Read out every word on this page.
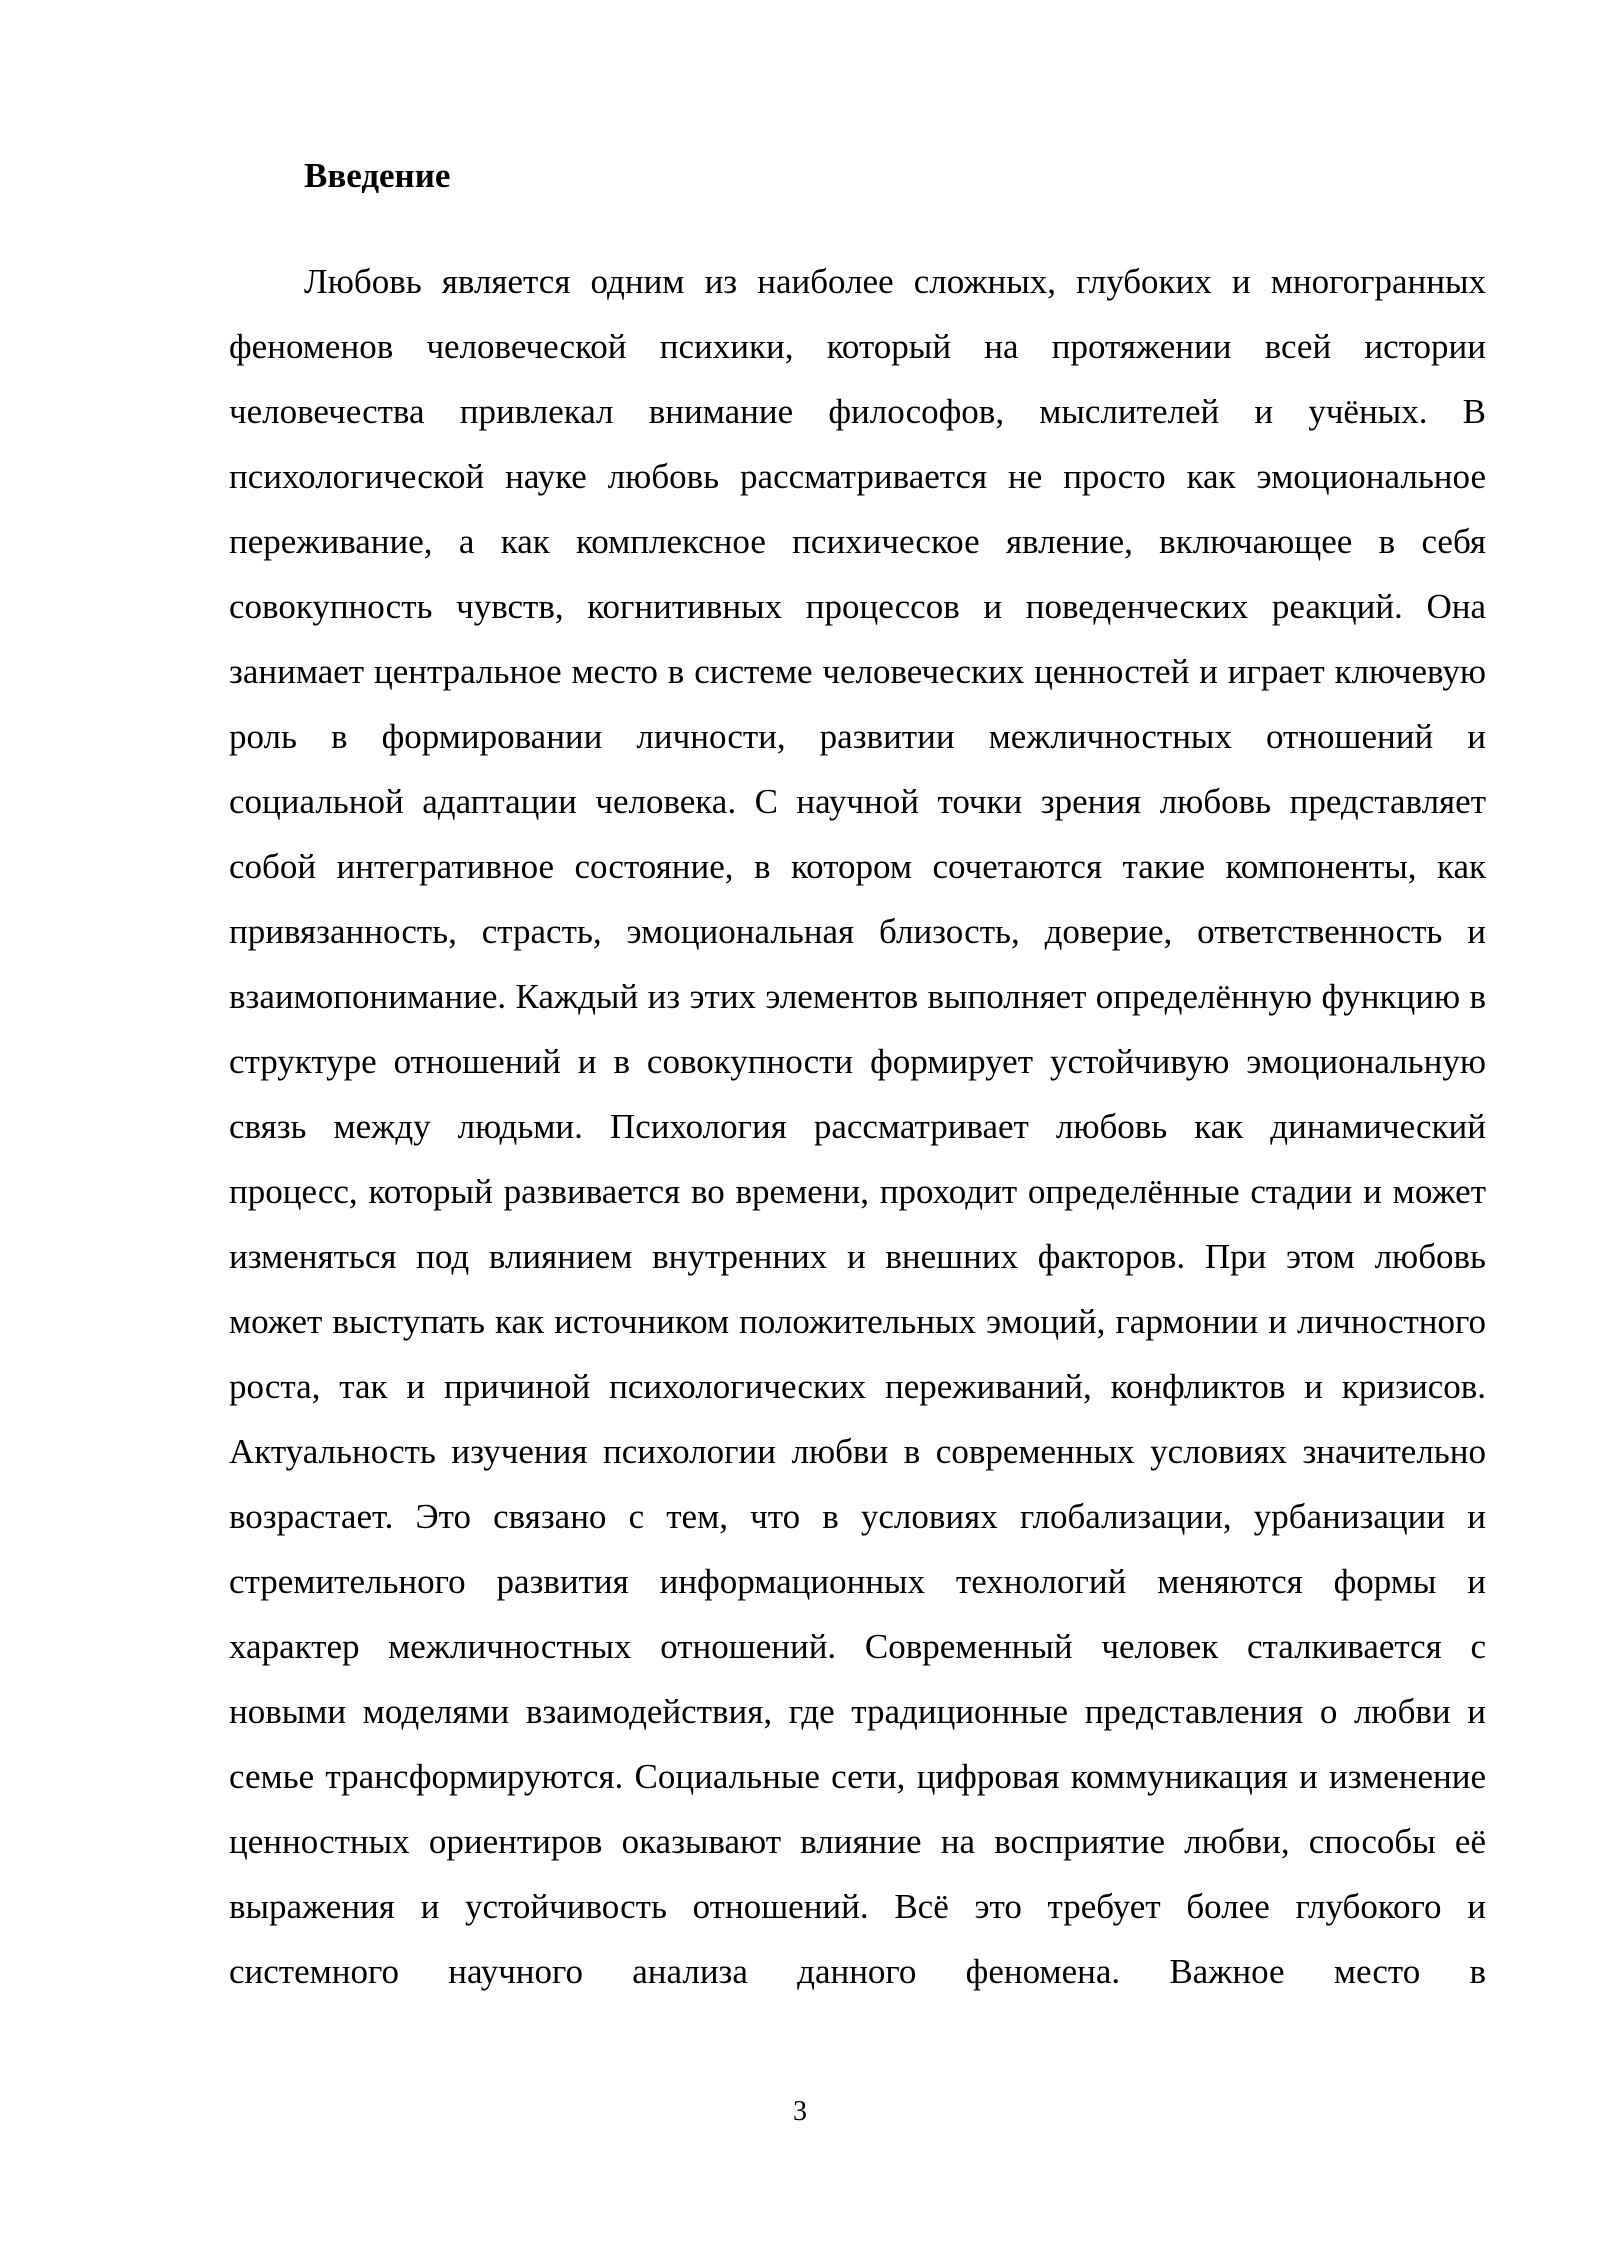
Введение

Любовь является одним из наиболее сложных, глубоких и многогранных феноменов человеческой психики, который на протяжении всей истории человечества привлекал внимание философов, мыслителей и учёных. В психологической науке любовь рассматривается не просто как эмоциональное переживание, а как комплексное психическое явление, включающее в себя совокупность чувств, когнитивных процессов и поведенческих реакций. Она занимает центральное место в системе человеческих ценностей и играет ключевую роль в формировании личности, развитии межличностных отношений и социальной адаптации человека. С научной точки зрения любовь представляет собой интегративное состояние, в котором сочетаются такие компоненты, как привязанность, страсть, эмоциональная близость, доверие, ответственность и взаимопонимание. Каждый из этих элементов выполняет определённую функцию в структуре отношений и в совокупности формирует устойчивую эмоциональную связь между людьми. Психология рассматривает любовь как динамический процесс, который развивается во времени, проходит определённые стадии и может изменяться под влиянием внутренних и внешних факторов. При этом любовь может выступать как источником положительных эмоций, гармонии и личностного роста, так и причиной психологических переживаний, конфликтов и кризисов. Актуальность изучения психологии любви в современных условиях значительно возрастает. Это связано с тем, что в условиях глобализации, урбанизации и стремительного развития информационных технологий меняются формы и характер межличностных отношений. Современный человек сталкивается с новыми моделями взаимодействия, где традиционные представления о любви и семье трансформируются. Социальные сети, цифровая коммуникация и изменение ценностных ориентиров оказывают влияние на восприятие любви, способы её выражения и устойчивость отношений. Всё это требует более глубокого и системного научного анализа данного феномена. Важное место в

3
